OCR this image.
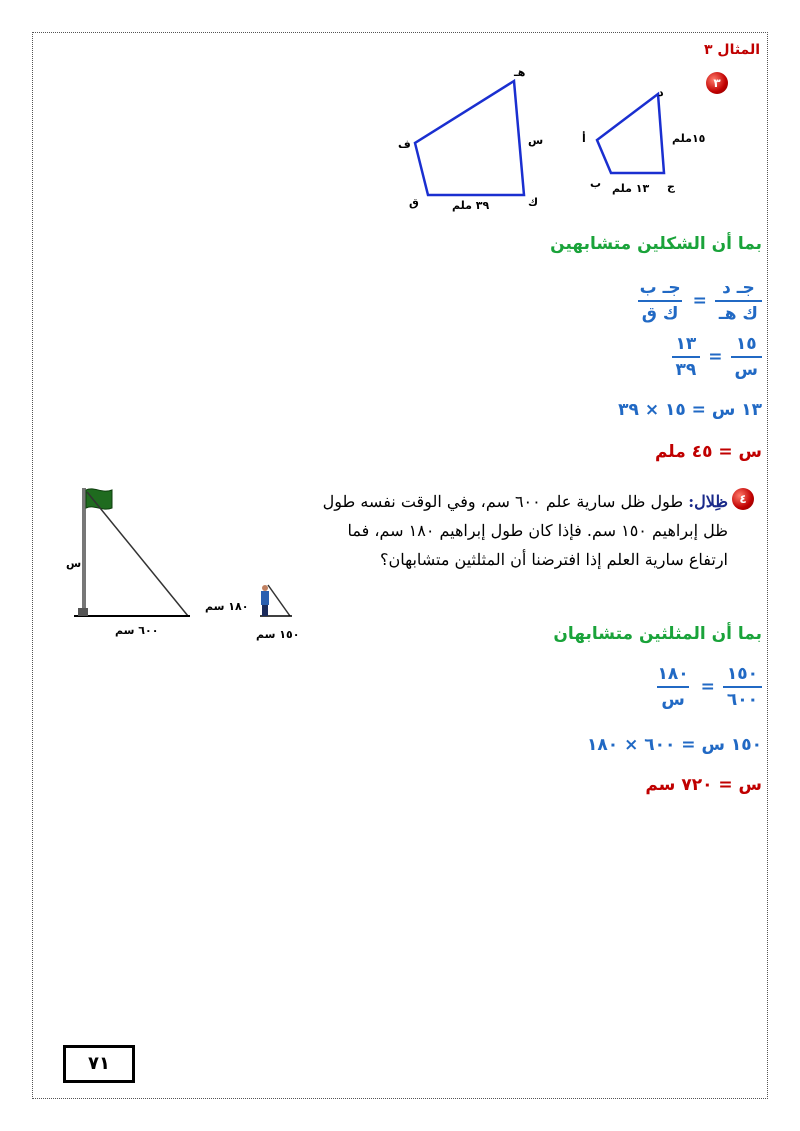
المثال ٣
٣
د
أ
ب	ج
١٥ملم
١٣ ملم
هـ
ف
ق	ك
س
٣٩ ملم
بما أن الشكلين متشابهين
$\frac{\text{جـ د}}{\text{ك هـ}}$
=
$\frac{\text{جـ ب}}{\text{ك ق}}$
$\frac{١٥}{\text{س}}$
=
$\frac{١٣}{٣٩}$
١٣ س = ١٥ × ٣٩
س = ٤٥ ملم
٤
ظِلال: طول ظل سارية علم ٦٠٠ سم، وفي الوقت نفسه طول ظل إبراهيم ١٥٠ سم. فإذا كان طول إبراهيم ١٨٠ سم، فما ارتفاع سارية العلم إذا افترضنا أن المثلثين متشابهان؟
س
٦٠٠ سم
١٨٠ سم
١٥٠ سم	بما أن المثلثين متشابهان
$\frac{١٥٠}{٦٠٠}$
=
$\frac{١٨٠}{\text{س}}$
١٥٠ س = ٦٠٠ × ١٨٠
س = ٧٢٠ سم
٧١
